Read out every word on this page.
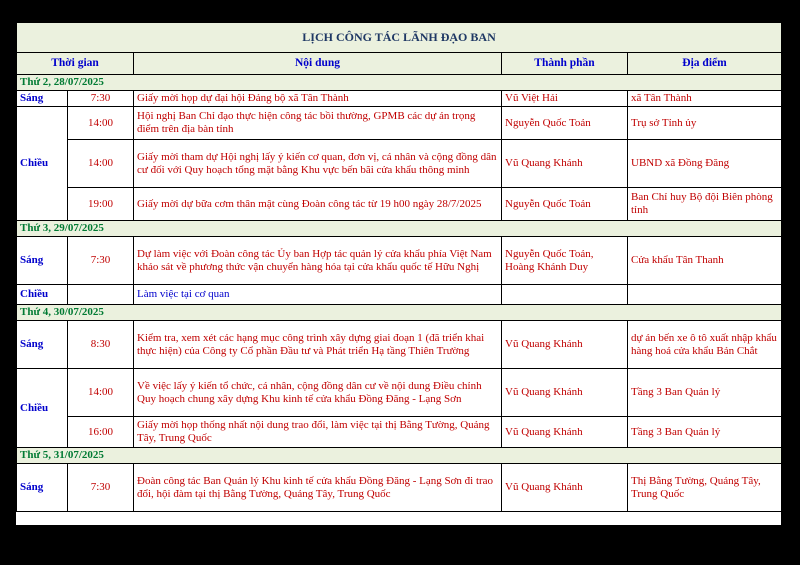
LỊCH CÔNG TÁC LÃNH ĐẠO BAN				
Thời gian		Nội dung	Thành phần	Địa điểm
Thứ 2, 28/07/2025				
Sáng	7:30	Giấy mời họp dự đại hội Đảng bộ xã Tân Thành	Vũ Việt Hải	xã Tân Thành
Chiều	14:00	Hội nghị Ban Chỉ đạo thực hiện công tác bồi thường, GPMB các dự án trọng điểm trên địa bàn tỉnh	Nguyễn Quốc Toản	Trụ sở Tỉnh ủy
	14:00	Giấy mời tham dự Hội nghị lấy ý kiến cơ quan, đơn vị, cá nhân và cộng đồng dân cư đối với Quy hoạch tổng mặt bằng Khu vực bến bãi cửa khẩu thông minh	Vũ Quang Khánh	UBND xã Đồng Đăng
	19:00	Giấy mời dự bữa cơm thân mật cùng Đoàn công tác từ 19 h00 ngày 28/7/2025	Nguyễn Quốc Toản	Ban Chỉ huy Bộ đội Biên phòng tỉnh
Thứ 3, 29/07/2025				
Sáng	7:30	Dự làm việc với Đoàn công tác Ủy ban Hợp tác quản lý cửa khẩu phía Việt Nam khảo sát về phương thức vận chuyển hàng hóa tại cửa khẩu quốc tế Hữu Nghị	Nguyễn Quốc Toản, Hoàng Khánh Duy	Cửa khẩu Tân Thanh
Chiều		Làm việc tại cơ quan		
Thứ 4, 30/07/2025				
Sáng	8:30	Kiểm tra, xem xét các hạng mục công trình xây dựng giai đoạn 1 (đã triển khai thực hiện) của Công ty Cổ phần Đầu tư và Phát triển Hạ tầng Thiên Trường	Vũ Quang Khánh	dự án bến xe ô tô xuất nhập khẩu hàng hoá cửa khẩu Bản Chắt
Chiều	14:00	Về việc lấy ý kiến tổ chức, cá nhân, cộng đồng dân cư về nội dung Điều chỉnh Quy hoạch chung xây dựng Khu kinh tế cửa khẩu Đồng Đăng - Lạng Sơn	Vũ Quang Khánh	Tầng 3 Ban Quản lý
	16:00	Giấy mời họp thống nhất nội dung trao đổi, làm việc tại thị Bằng Tường, Quảng Tây, Trung Quốc	Vũ Quang Khánh	Tầng 3 Ban Quản lý
Thứ 5, 31/07/2025				
Sáng	7:30	Đoàn công tác Ban Quản lý Khu kinh tế cửa khẩu Đồng Đăng - Lạng Sơn đi trao đổi, hội đàm tại thị Bằng Tường, Quảng Tây, Trung Quốc	Vũ Quang Khánh	Thị Bằng Tường, Quảng Tây, Trung Quốc
